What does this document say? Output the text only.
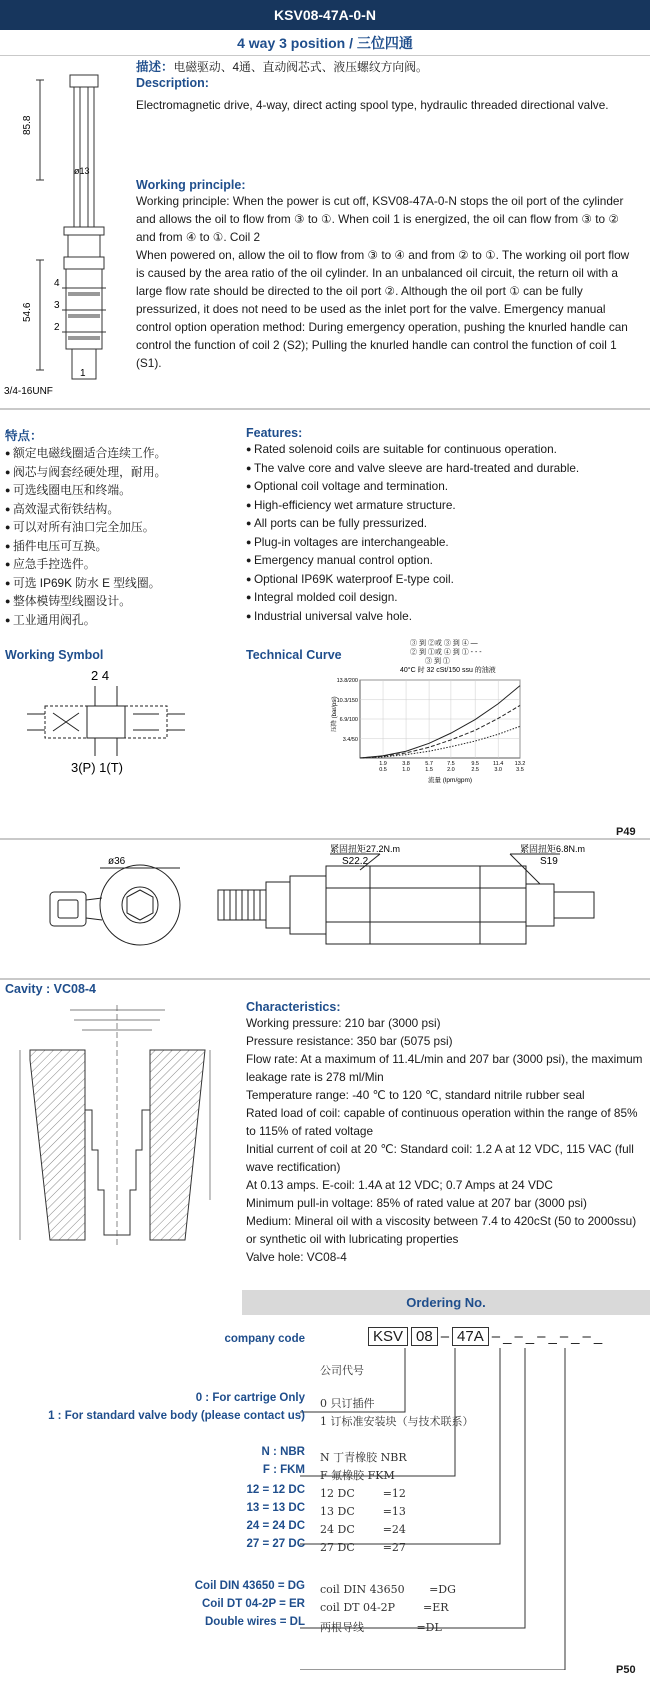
KSV08-47A-0-N
4 way 3 position / 三位四通
85.8
54.6
ø13
4
3
2
1
3/4-16UNF
描述：电磁驱动、4通、直动阀芯式、液压螺纹方向阀。
Description:
Electromagnetic drive, 4-way, direct acting spool type, hydraulic threaded directional valve.
Working principle:
Working principle: When the power is cut off, KSV08-47A-0-N stops the oil port of the cylinder and allows the oil to flow from ③ to ①. When coil 1 is energized, the oil can flow from ③ to ② and from ④ to ①. Coil 2
When powered on, allow the oil to flow from ③ to ④ and from ② to ①. The working oil port flow is caused by the area ratio of the oil cylinder. In an unbalanced oil circuit, the return oil with a large flow rate should be directed to the oil port ②. Although the oil port ① can be fully pressurized, it does not need to be used as the inlet port for the valve. Emergency manual control option operation method: During emergency operation, pushing the knurled handle can control the function of coil 2 (S2); Pulling the knurled handle can control the function of coil 1 (S1).
特点：
● 额定电磁线圈适合连续工作。
● 阀芯与阀套经硬处理，耐用。
● 可选线圈电压和终端。
● 高效湿式衔铁结构。
● 可以对所有油口完全加压。
● 插件电压可互换。
● 应急手控选件。
● 可选 IP69K 防水 E 型线圈。
● 整体模铸型线圈设计。
● 工业通用阀孔。
Features:
● Rated solenoid coils are suitable for continuous operation.
● The valve core and valve sleeve are hard-treated and durable.
● Optional coil voltage and termination.
● High-efficiency wet armature structure.
● All ports can be fully pressurized.
● Plug-in voltages are interchangeable.
● Emergency manual control option.
● Optional IP69K waterproof E-type coil.
● Integral molded coil design.
● Industrial universal valve hole.
Working Symbol
2 4
3(P) 1(T)
Technical Curve
③ 到 ②或 ③ 到 ④ —
② 到 ①或 ④ 到 ① - - -
③ 到 ①
40°C 时 32 cSt/150 ssu 的油液
13.8/200
10.3/150
6.9/100
3.4/50
1.9
0.5
3.8
1.0
5.7
1.5
7.5
2.0
9.5
2.5
11.4
3.0
13.2
3.5
压降 (bar/psi)
流量 (lpm/gpm)
P49
ø36
紧固扭矩27.2N.m
S22.2
紧固扭矩6.8N.m
S19
Cavity : VC08-4
Characteristics:
Working pressure: 210 bar (3000 psi)
Pressure resistance: 350 bar (5075 psi)
Flow rate: At a maximum of 11.4L/min and 207 bar (3000 psi), the maximum leakage rate is 278 ml/Min
Temperature range: -40 ℃ to 120 ℃, standard nitrile rubber seal
Rated load of coil: capable of continuous operation within the range of 85% to 115% of rated voltage
Initial current of coil at 20 ℃: Standard coil: 1.2 A at 12 VDC, 115 VAC (full wave rectification)
At 0.13 amps. E-coil: 1.4A at 12 VDC; 0.7 Amps at 24 VDC
Minimum pull-in voltage: 85% of rated value at 207 bar (3000 psi)
Medium: Mineral oil with a viscosity between 7.4 to 420cSt (50 to 2000ssu) or synthetic oil with lubricating properties
Valve hole: VC08-4
Ordering No.
KSV 08 – 47A – _ – _ – _ – _ – _
company code
公司代号
0 : For cartrige Only
1 : For standard valve body (please contact us)
0 只订插件
1 订标准安装块（与技术联系）
N : NBR
F : FKM
N 丁青橡胶 NBR
F 氟橡胶 FKM
12 = 12 DC
13 = 13 DC
24 = 24 DC
27 = 27 DC
12 DC        =12
13 DC        =13
24 DC        =24
27 DC        =27
Coil DIN 43650 = DG
Coil DT 04-2P = ER
Double wires = DL
coil DIN 43650       =DG
coil DT 04-2P        =ER
两根导线               =DL
P50
